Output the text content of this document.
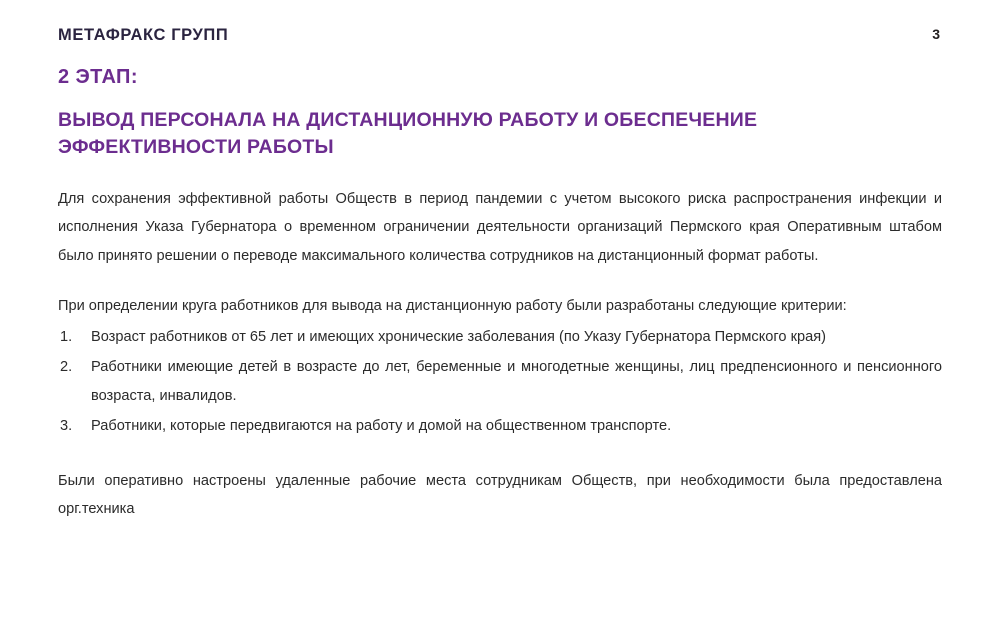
МЕТАФРАКС ГРУПП	3
2 ЭТАП:
ВЫВОД ПЕРСОНАЛА НА ДИСТАНЦИОННУЮ РАБОТУ И ОБЕСПЕЧЕНИЕ ЭФФЕКТИВНОСТИ РАБОТЫ
Для сохранения эффективной работы Обществ в период пандемии с учетом высокого риска распространения инфекции и исполнения Указа Губернатора о временном ограничении деятельности организаций Пермского края Оперативным штабом было принято решении о переводе максимального количества сотрудников на дистанционный формат работы.
При определении круга работников для вывода на дистанционную работу были разработаны следующие критерии:
1.	Возраст работников от 65 лет и имеющих хронические заболевания (по Указу Губернатора Пермского края)
2.	Работники имеющие детей в возрасте до лет, беременные и многодетные женщины, лиц предпенсионного и пенсионного возраста, инвалидов.
3.	Работники, которые передвигаются на работу и домой на общественном транспорте.
Были оперативно настроены удаленные рабочие места сотрудникам Обществ, при необходимости была предоставлена орг.техника
